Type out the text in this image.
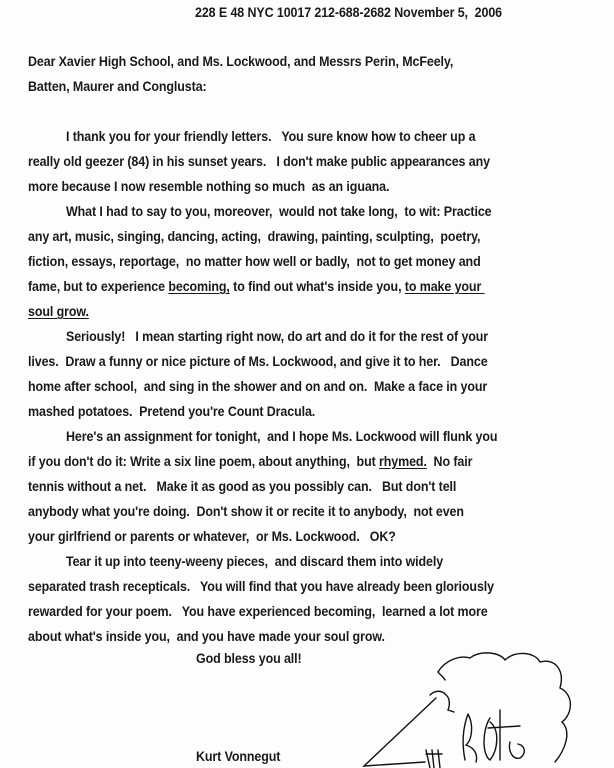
228 E 48 NYC 10017 212-688-2682 November 5,  2006
Dear Xavier High School, and Ms. Lockwood, and Messrs Perin, McFeely,
Batten, Maurer and Conglusta:
I thank you for your friendly letters.   You sure know how to cheer up a
really old geezer (84) in his sunset years.   I don't make public appearances any
more because I now resemble nothing so much  as an iguana.
What I had to say to you, moreover,  would not take long,  to wit: Practice
any art, music, singing, dancing, acting,  drawing, painting, sculpting,  poetry,
fiction, essays, reportage,  no matter how well or badly,  not to get money and
fame, but to experience becoming, to find out what's inside you, to make your
soul grow.
Seriously!   I mean starting right now, do art and do it for the rest of your
lives.  Draw a funny or nice picture of Ms. Lockwood, and give it to her.   Dance
home after school,  and sing in the shower and on and on.  Make a face in your
mashed potatoes.  Pretend you're Count Dracula.
Here's an assignment for tonight,  and I hope Ms. Lockwood will flunk you
if you don't do it: Write a six line poem, about anything,  but rhymed.  No fair
tennis without a net.   Make it as good as you possibly can.   But don't tell
anybody what you're doing.  Don't show it or recite it to anybody,  not even
your girlfriend or parents or whatever,  or Ms. Lockwood.   OK?
Tear it up into teeny-weeny pieces,  and discard them into widely
separated trash recepticals.   You will find that you have already been gloriously
rewarded for your poem.   You have experienced becoming,  learned a lot more
about what's inside you,  and you have made your soul grow.
God bless you all!
Kurt Vonnegut
